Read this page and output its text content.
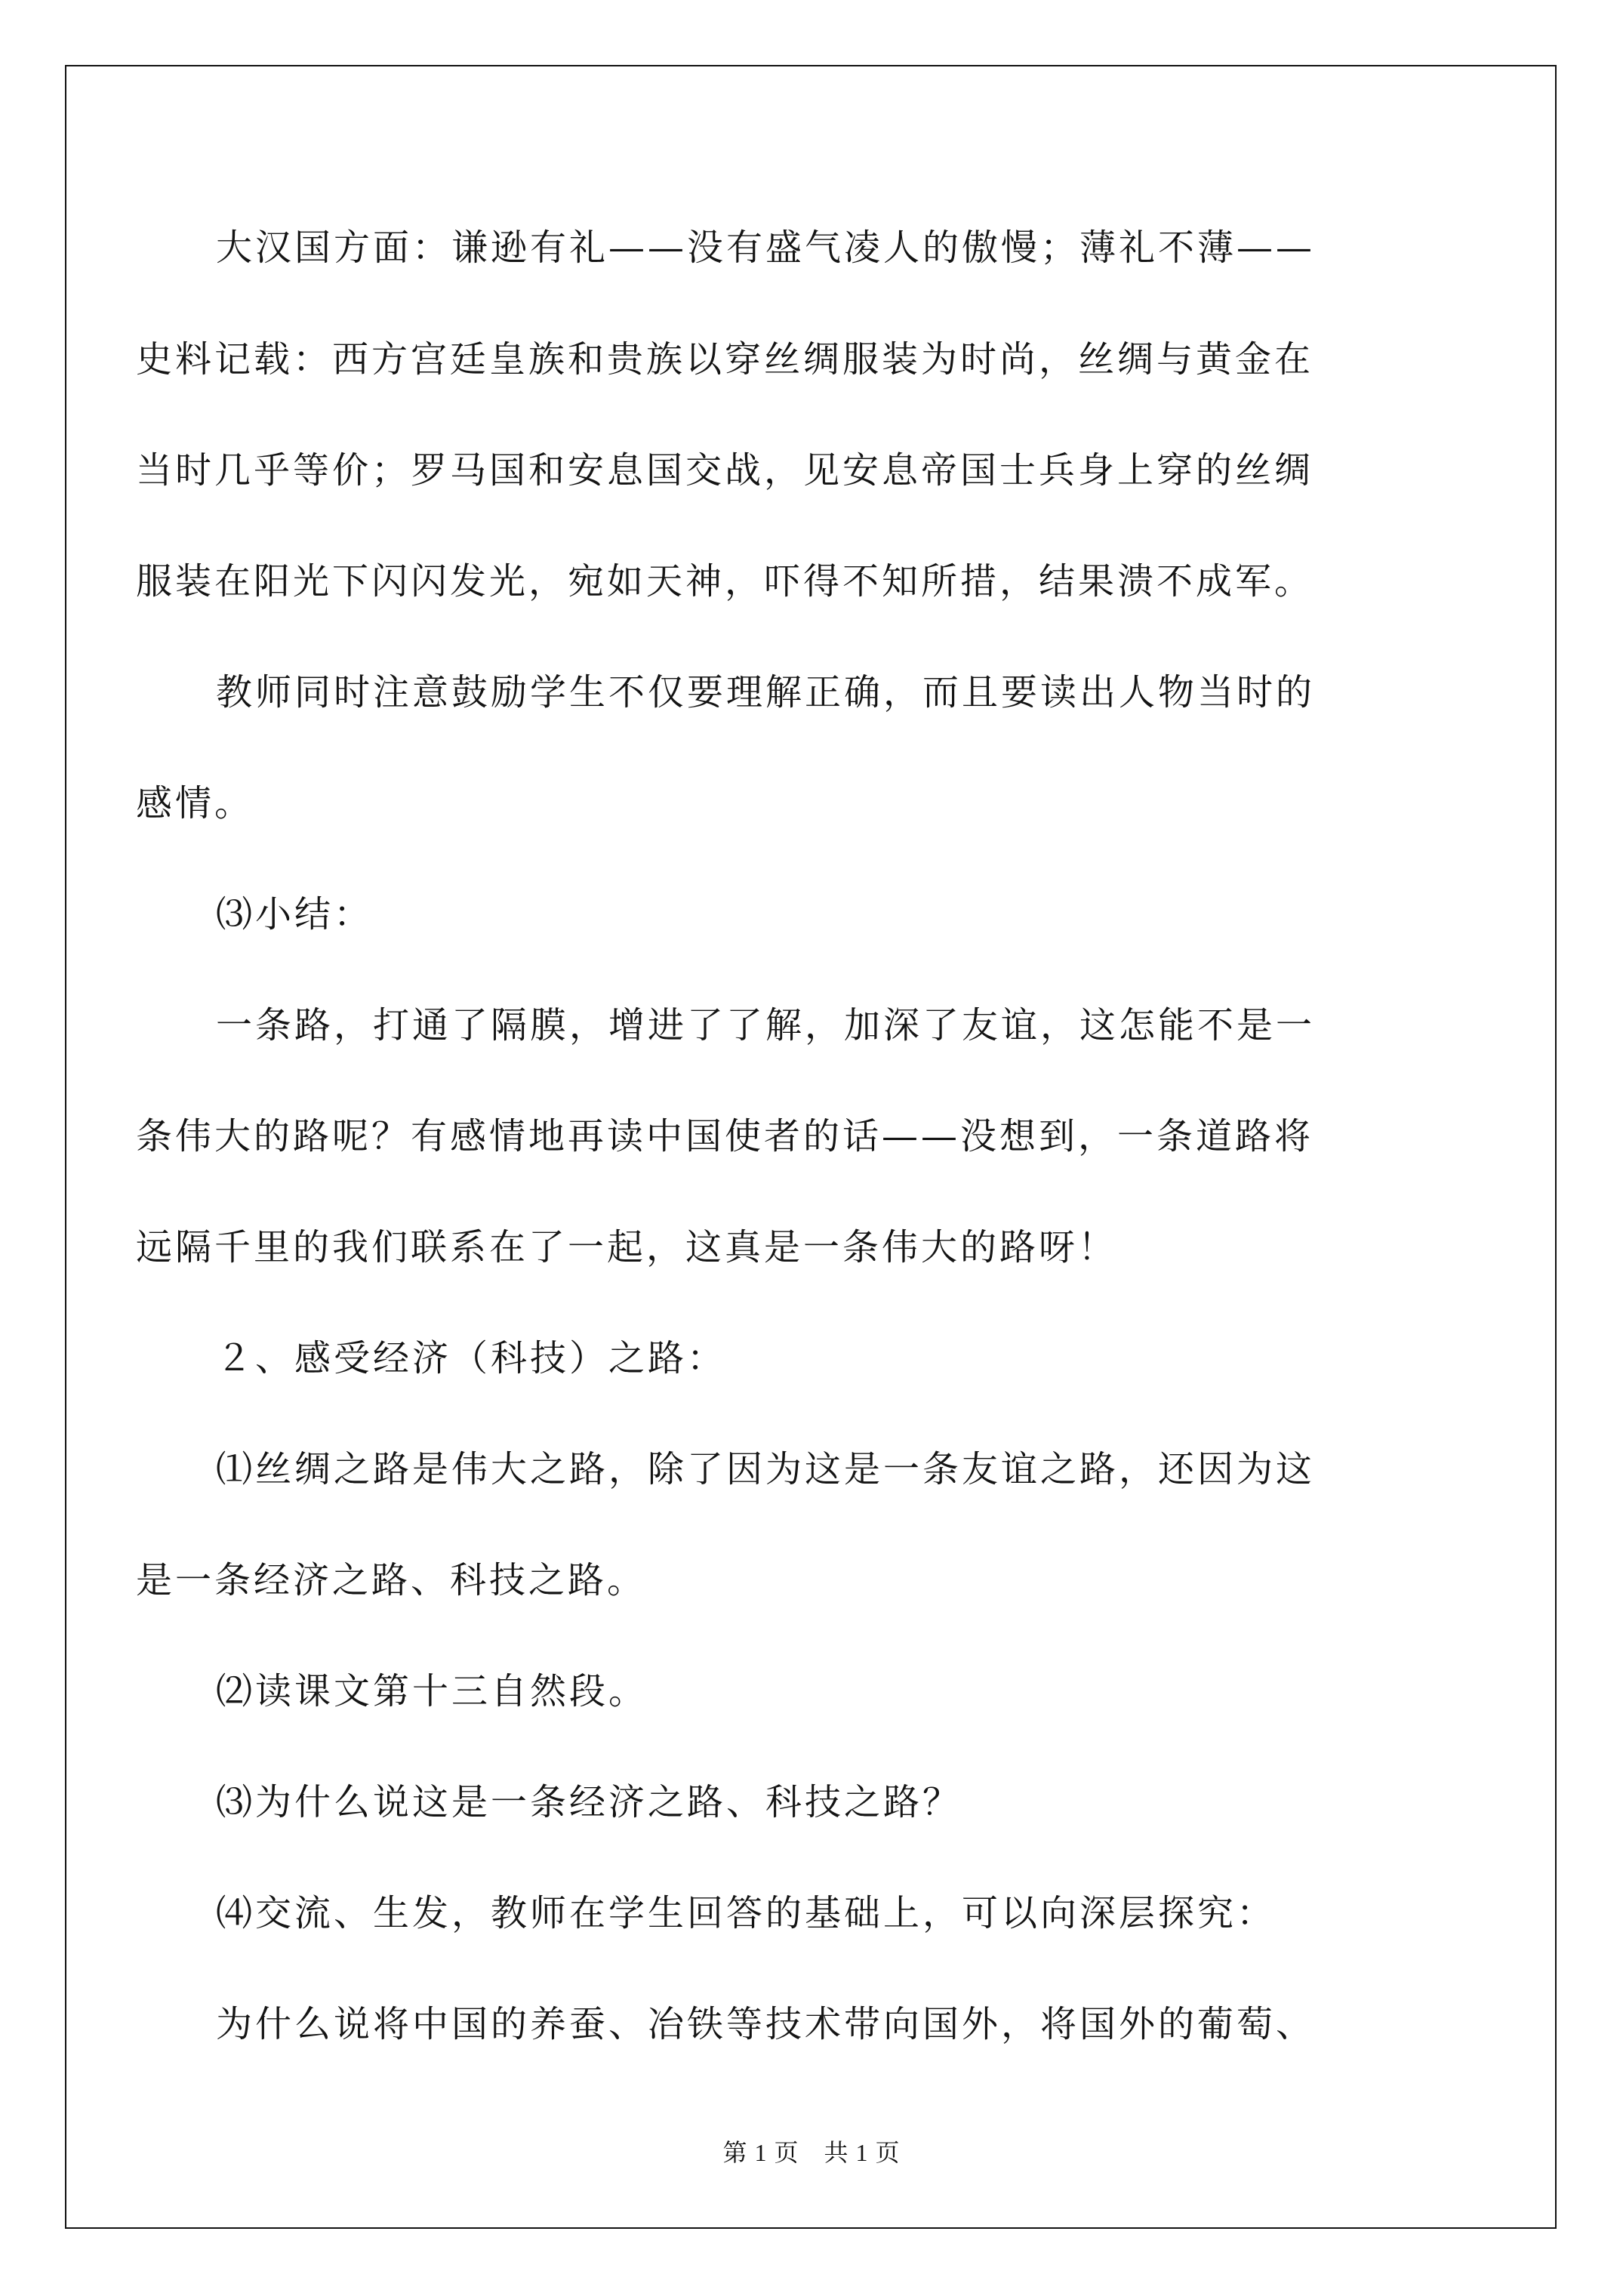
大汉国方面：谦逊有礼——没有盛气凌人的傲慢；薄礼不薄——
史料记载：西方宫廷皇族和贵族以穿丝绸服装为时尚，丝绸与黄金在
当时几乎等价；罗马国和安息国交战，见安息帝国士兵身上穿的丝绸
服装在阳光下闪闪发光，宛如天神，吓得不知所措，结果溃不成军。
教师同时注意鼓励学生不仅要理解正确，而且要读出人物当时的
感情。
⑶小结：
一条路，打通了隔膜，增进了了解，加深了友谊，这怎能不是一
条伟大的路呢？有感情地再读中国使者的话——没想到，一条道路将
远隔千里的我们联系在了一起，这真是一条伟大的路呀！
２、感受经济（科技）之路：
⑴丝绸之路是伟大之路，除了因为这是一条友谊之路，还因为这
是一条经济之路、科技之路。
⑵读课文第十三自然段。
⑶为什么说这是一条经济之路、科技之路？
⑷交流、生发，教师在学生回答的基础上，可以向深层探究：
为什么说将中国的养蚕、冶铁等技术带向国外，将国外的葡萄、
第 1 页　共 1 页
